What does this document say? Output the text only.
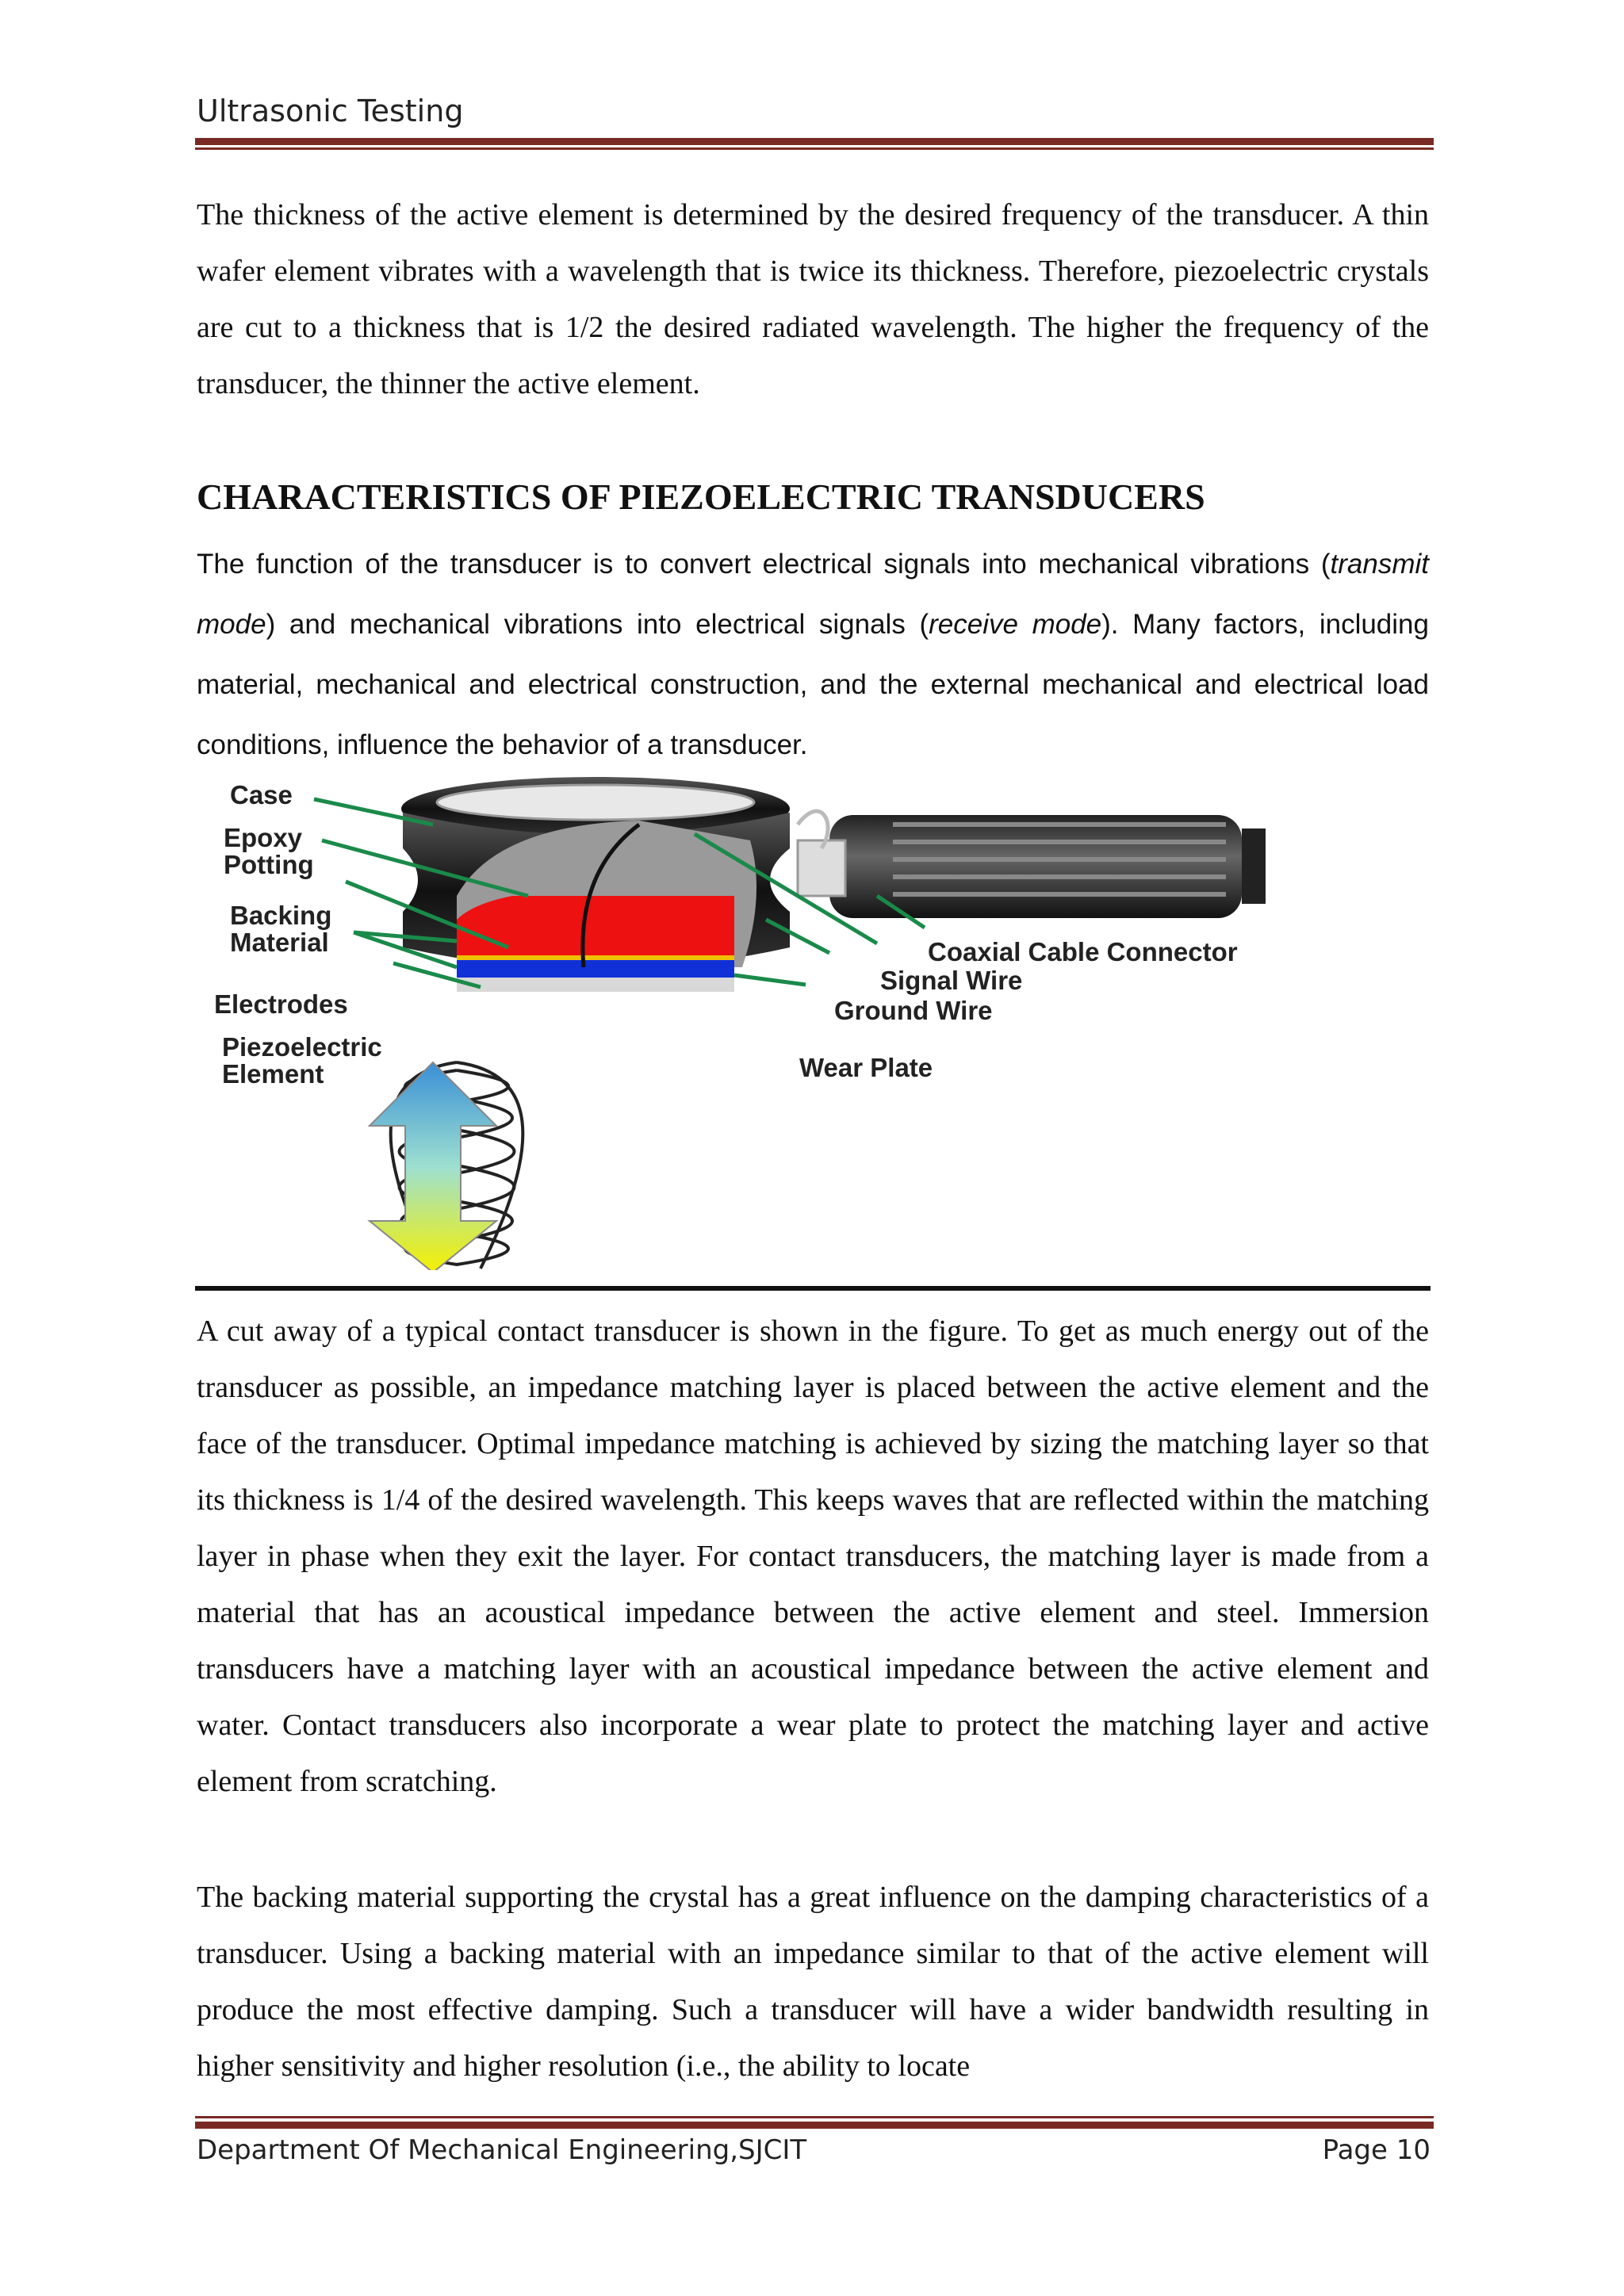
Ultrasonic Testing
The thickness of the active element is determined by the desired frequency of the transducer. A thin wafer element vibrates with a wavelength that is twice its thickness. Therefore, piezoelectric crystals are cut to a thickness that is 1/2 the desired radiated wavelength. The higher the frequency of the transducer, the thinner the active element.
CHARACTERISTICS OF PIEZOELECTRIC TRANSDUCERS
The function of the transducer is to convert electrical signals into mechanical vibrations (transmit mode) and mechanical vibrations into electrical signals (receive mode). Many factors, including material, mechanical and electrical construction, and the external mechanical and electrical load conditions, influence the behavior of a transducer.
Case
Epoxy
Potting
Backing
Material
Electrodes
Piezoelectric
Element
Coaxial Cable Connector
Signal Wire
Ground Wire
Wear Plate
A cut away of a typical contact transducer is shown in the figure. To get as much energy out of the transducer as possible, an impedance matching layer is placed between the active element and the face of the transducer. Optimal impedance matching is achieved by sizing the matching layer so that its thickness is 1/4 of the desired wavelength. This keeps waves that are reflected within the matching layer in phase when they exit the layer. For contact transducers, the matching layer is made from a material that has an acoustical impedance between the active element and steel. Immersion transducers have a matching layer with an acoustical impedance between the active element and water. Contact transducers also incorporate a wear plate to protect the matching layer and active element from scratching.
The backing material supporting the crystal has a great influence on the damping characteristics of a transducer. Using a backing material with an impedance similar to that of the active element will produce the most effective damping. Such a transducer will have a wider bandwidth resulting in higher sensitivity and higher resolution (i.e., the ability to locate
Department Of Mechanical Engineering,SJCIT	Page 10
